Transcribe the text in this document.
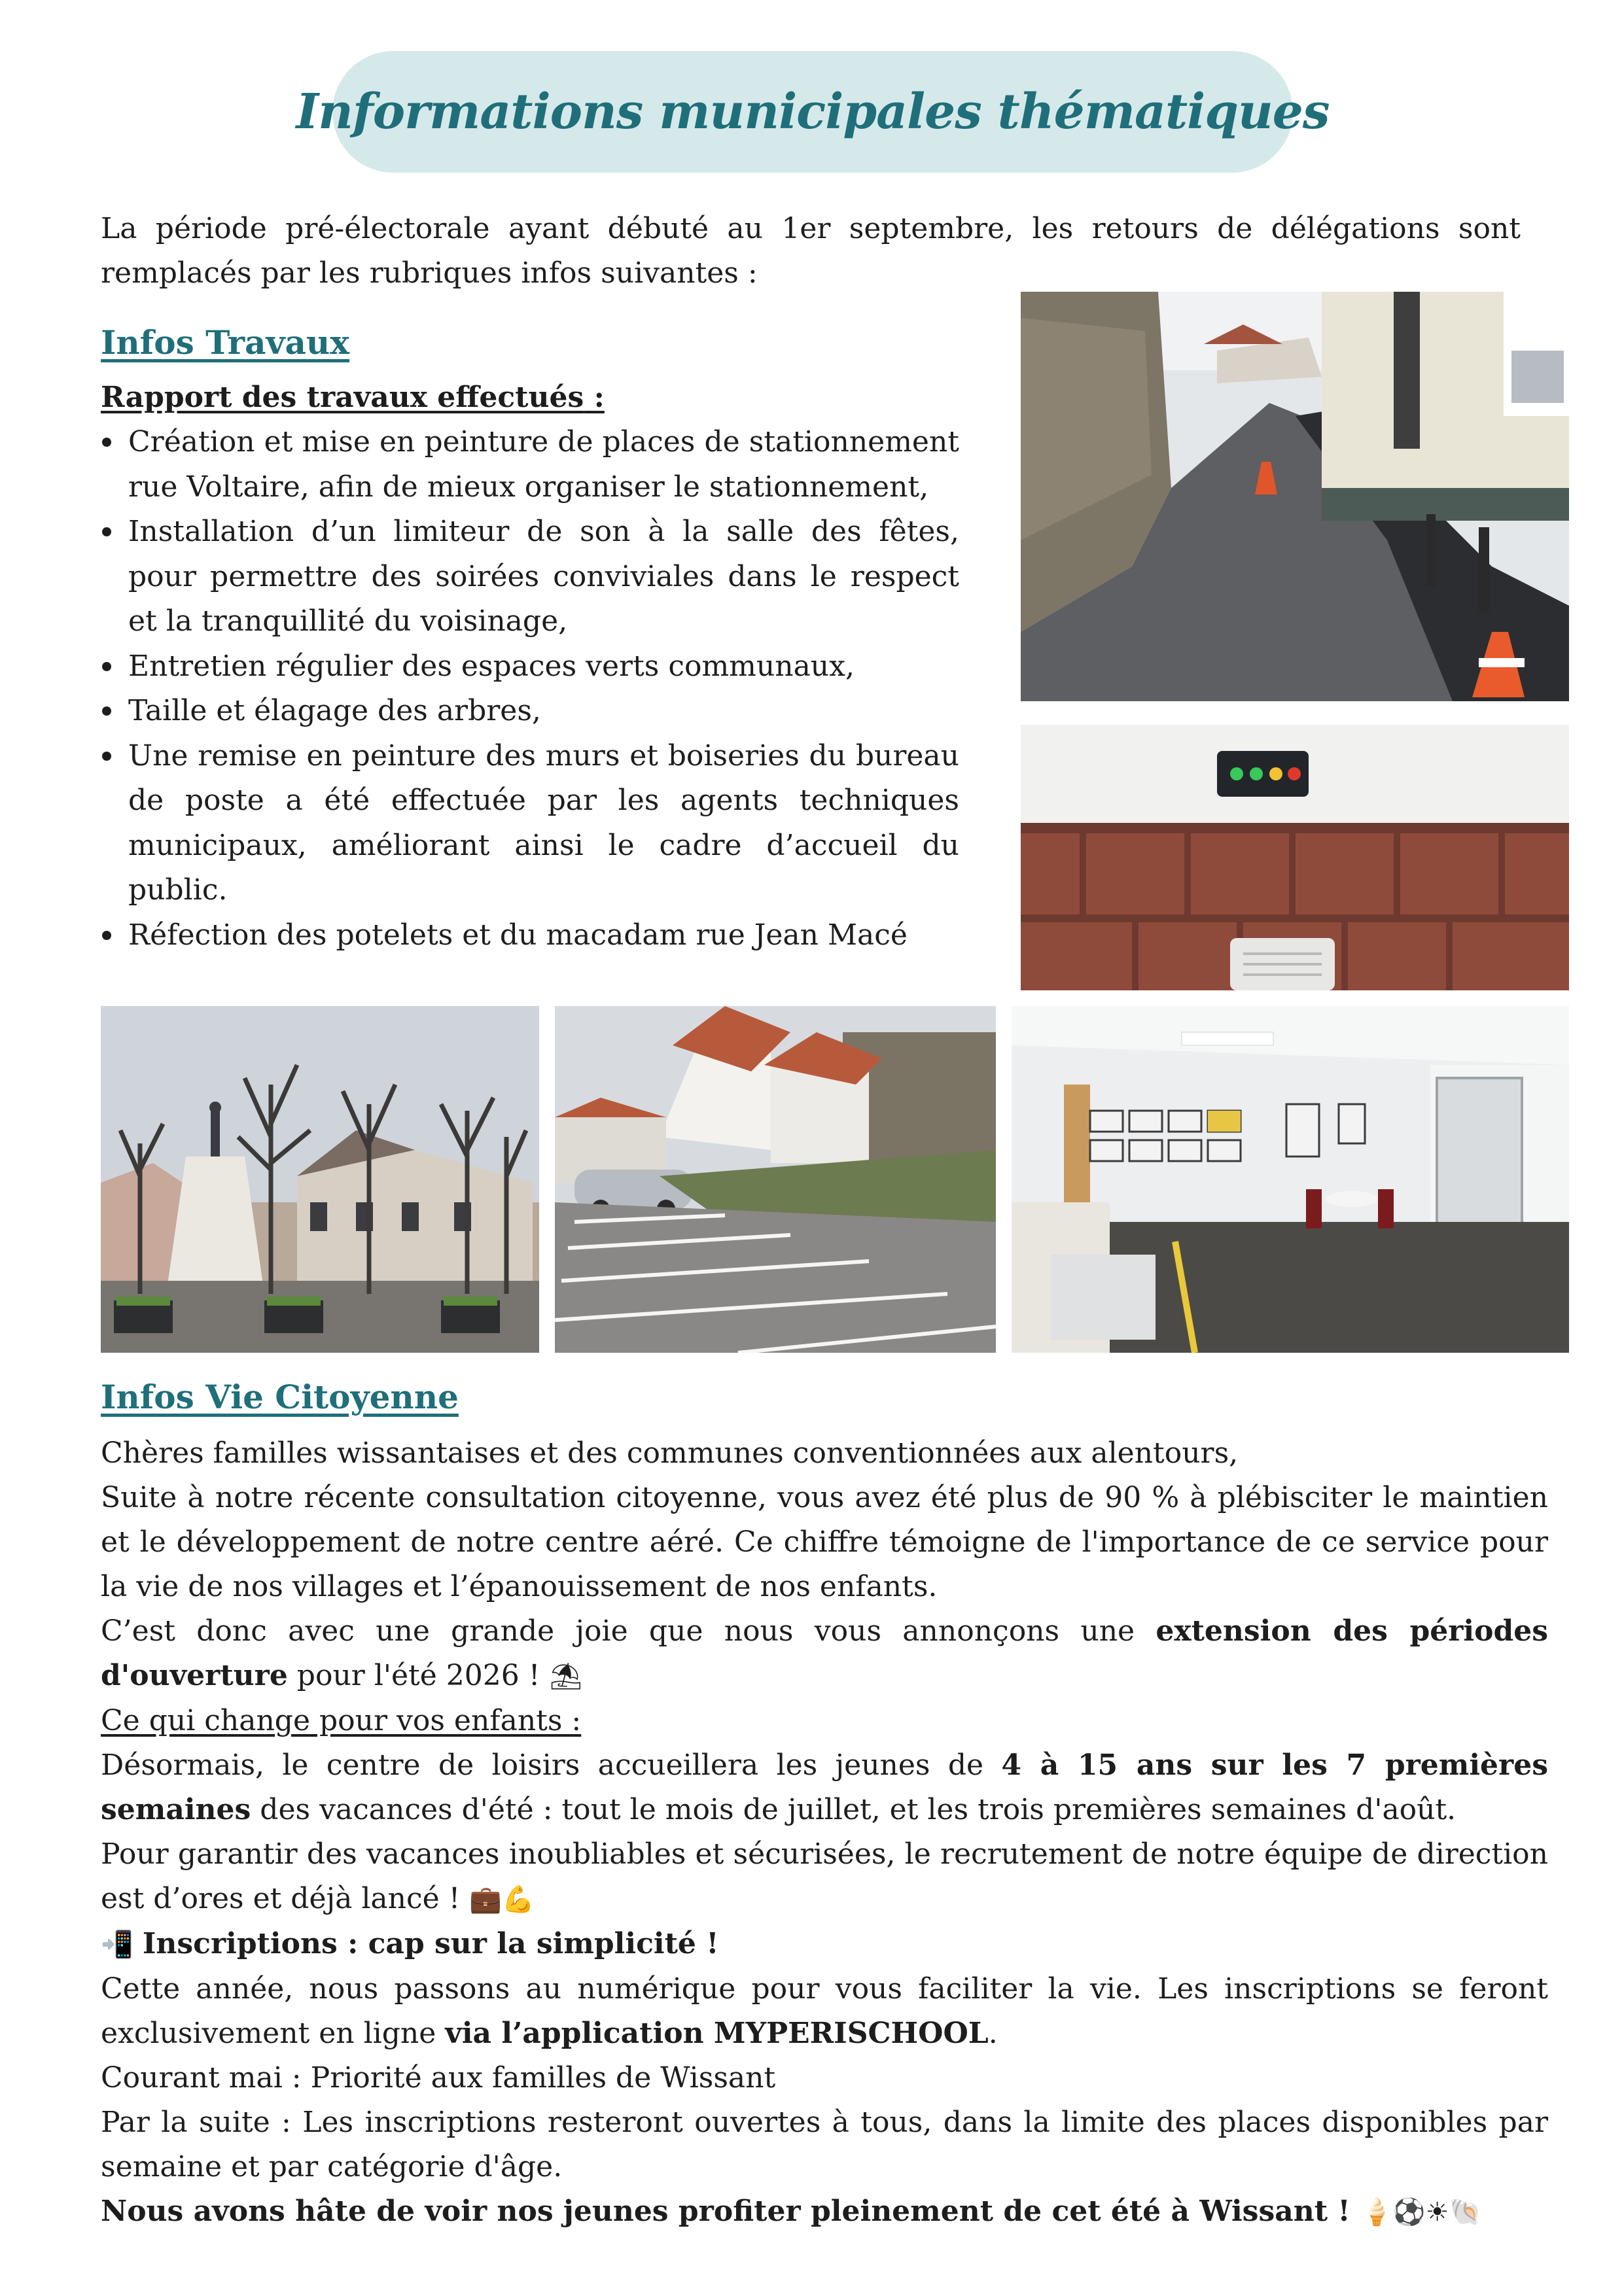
Informations municipales thématiques

La période pré-électorale ayant débuté au 1er septembre, les retours de délégations sont remplacés par les rubriques infos suivantes :

Infos Travaux

Rapport des travaux effectués :

Création et mise en peinture de places de stationnement rue Voltaire, afin de mieux organiser le stationnement,
Installation d’un limiteur de son à la salle des fêtes, pour permettre des soirées conviviales dans le respect et la tranquillité du voisinage,
Entretien régulier des espaces verts communaux,
Taille et élagage des arbres,
Une remise en peinture des murs et boiseries du bureau de poste a été effectuée par les agents techniques municipaux, améliorant ainsi le cadre d’accueil du public.
Réfection des potelets et du macadam rue Jean Macé
Infos Vie Citoyenne

Chères familles wissantaises et des communes conventionnées aux alentours,

Suite à notre récente consultation citoyenne, vous avez été plus de 90 % à plébisciter le maintien et le développement de notre centre aéré. Ce chiffre témoigne de l'importance de ce service pour la vie de nos villages et l’épanouissement de nos enfants.

C’est donc avec une grande joie que nous vous annonçons une extension des périodes d'ouverture pour l'été 2026 ! ⛱

Ce qui change pour vos enfants :

Désormais, le centre de loisirs accueillera les jeunes de 4 à 15 ans sur les 7 premières semaines des vacances d'été : tout le mois de juillet, et les trois premières semaines d'août.

Pour garantir des vacances inoubliables et sécurisées, le recrutement de notre équipe de direction est d’ores et déjà lancé ! 💼💪

📲 Inscriptions : cap sur la simplicité !

Cette année, nous passons au numérique pour vous faciliter la vie. Les inscriptions se feront exclusivement en ligne via l’application MYPERISCHOOL.

Courant mai : Priorité aux familles de Wissant

Par la suite : Les inscriptions resteront ouvertes à tous, dans la limite des places disponibles par semaine et par catégorie d'âge.

Nous avons hâte de voir nos jeunes profiter pleinement de cet été à Wissant ! 🍦⚽☀🐚
